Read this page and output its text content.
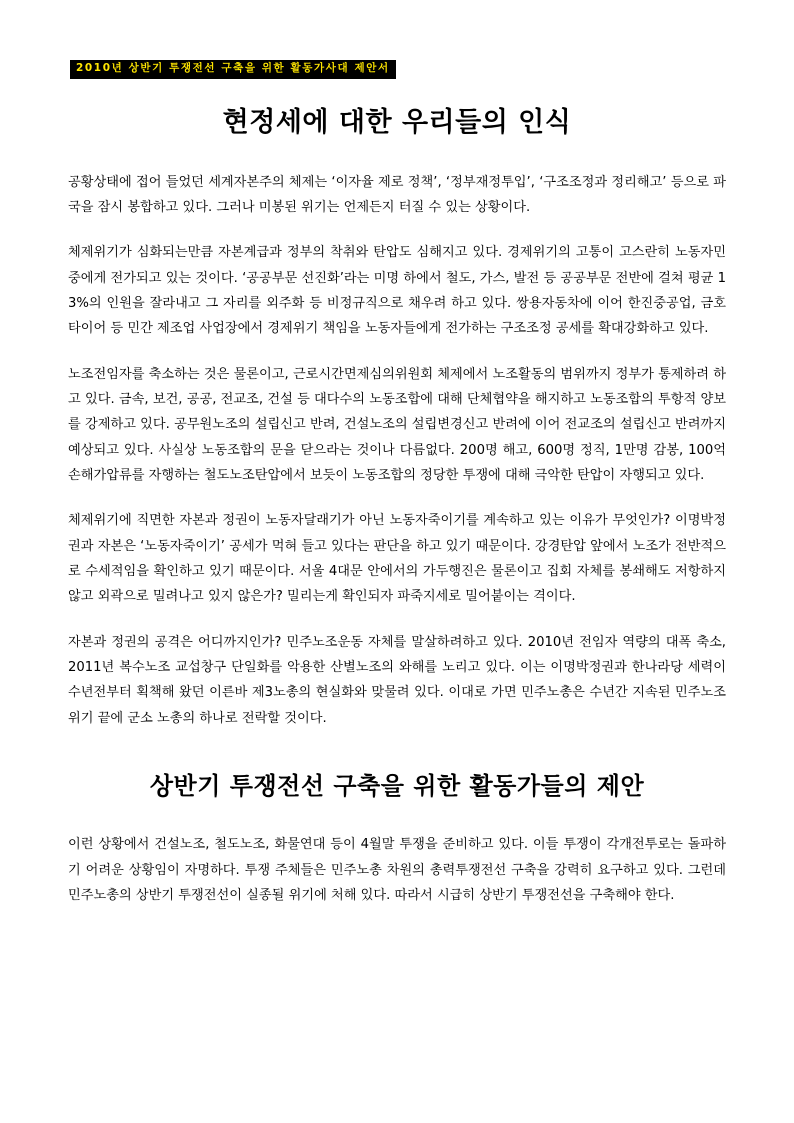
2010년 상반기 투쟁전선 구축을 위한 활동가사대 제안서
현정세에 대한 우리들의 인식

공황상태에 접어 들었던 세계자본주의 체제는 ‘이자율 제로 정책’, ‘정부재정투입’, ‘구조조정과 정리해고’ 등으로 파국을 잠시 봉합하고 있다. 그러나 미봉된 위기는 언제든지 터질 수 있는 상황이다.

체제위기가 심화되는만큼 자본계급과 정부의 착취와 탄압도 심해지고 있다. 경제위기의 고통이 고스란히 노동자민중에게 전가되고 있는 것이다. ‘공공부문 선진화’라는 미명 하에서 철도, 가스, 발전 등 공공부문 전반에 걸쳐 평균 13%의 인원을 잘라내고 그 자리를 외주화 등 비정규직으로 채우려 하고 있다. 쌍용자동차에 이어 한진중공업, 금호타이어 등 민간 제조업 사업장에서 경제위기 책임을 노동자들에게 전가하는 구조조정 공세를 확대강화하고 있다.

노조전임자를 축소하는 것은 물론이고, 근로시간면제심의위원회 체제에서 노조활동의 범위까지 정부가 통제하려 하고 있다. 금속, 보건, 공공, 전교조, 건설 등 대다수의 노동조합에 대해 단체협약을 해지하고 노동조합의 투항적 양보를 강제하고 있다. 공무원노조의 설립신고 반려, 건설노조의 설립변경신고 반려에 이어 전교조의 설립신고 반려까지 예상되고 있다. 사실상 노동조합의 문을 닫으라는 것이나 다름없다. 200명 해고, 600명 정직, 1만명 감봉, 100억 손해가압류를 자행하는 철도노조탄압에서 보듯이 노동조합의 정당한 투쟁에 대해 극악한 탄압이 자행되고 있다.

체제위기에 직면한 자본과 정권이 노동자달래기가 아닌 노동자죽이기를 계속하고 있는 이유가 무엇인가? 이명박정권과 자본은 ‘노동자죽이기’ 공세가 먹혀 들고 있다는 판단을 하고 있기 때문이다. 강경탄압 앞에서 노조가 전반적으로 수세적임을 확인하고 있기 때문이다. 서울 4대문 안에서의 가두행진은 물론이고 집회 자체를 봉쇄해도 저항하지 않고 외곽으로 밀려나고 있지 않은가? 밀리는게 확인되자 파죽지세로 밀어붙이는 격이다.

자본과 정권의 공격은 어디까지인가? 민주노조운동 자체를 말살하려하고 있다. 2010년 전임자 역량의 대폭 축소, 2011년 복수노조 교섭창구 단일화를 악용한 산별노조의 와해를 노리고 있다. 이는 이명박정권과 한나라당 세력이 수년전부터 획책해 왔던 이른바 제3노총의 현실화와 맞물려 있다. 이대로 가면 민주노총은 수년간 지속된 민주노조위기 끝에 군소 노총의 하나로 전락할 것이다.

상반기 투쟁전선 구축을 위한 활동가들의 제안

이런 상황에서 건설노조, 철도노조, 화물연대 등이 4월말 투쟁을 준비하고 있다. 이들 투쟁이 각개전투로는 돌파하기 어려운 상황임이 자명하다. 투쟁 주체들은 민주노총 차원의 총력투쟁전선 구축을 강력히 요구하고 있다. 그런데 민주노총의 상반기 투쟁전선이 실종될 위기에 처해 있다. 따라서 시급히 상반기 투쟁전선을 구축해야 한다.
